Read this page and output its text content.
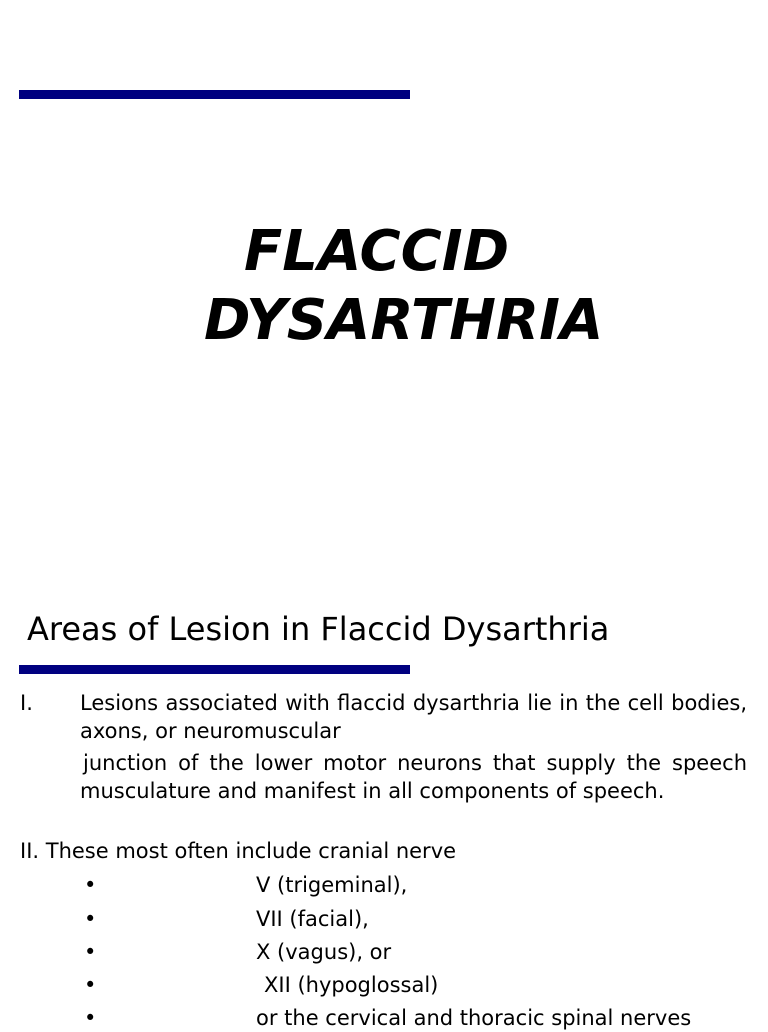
FLACCID
DYSARTHRIA
Areas of Lesion in Flaccid Dysarthria
I. Lesions associated with flaccid dysarthria lie in the cell bodies, axons, or neuromuscular
junction of the lower motor neurons that supply the speech musculature and manifest in all components of speech.
II. These most often include cranial nerve
•	V (trigeminal),
•	VII (facial),
•	X (vagus), or
•	XII (hypoglossal)
•	or the cervical and thoracic spinal nerves
